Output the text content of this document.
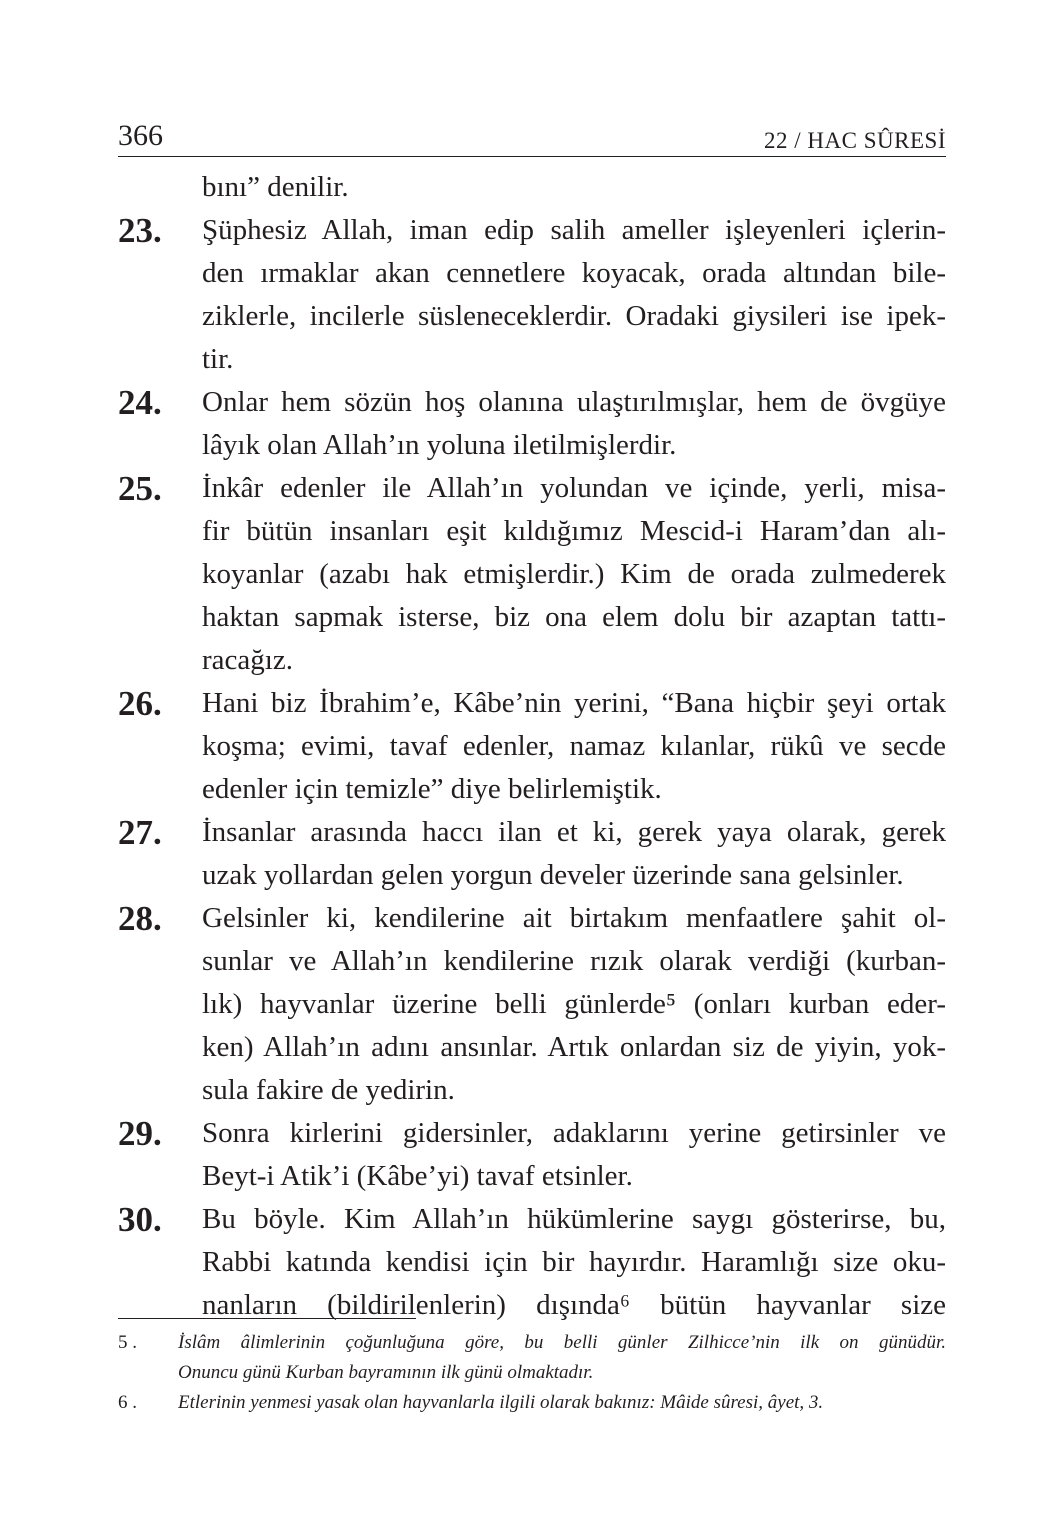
366	22 / HAC SÛRESİ
bını” denilir.
23.	Şüphesiz Allah, iman edip salih ameller işleyenleri içlerin-
den ırmaklar akan cennetlere koyacak, orada altından bile-
ziklerle, incilerle süsleneceklerdir. Oradaki giysileri ise ipek-
tir.
24.	Onlar hem sözün hoş olanına ulaştırılmışlar, hem de övgüye
lâyık olan Allah’ın yoluna iletilmişlerdir.
25.	İnkâr edenler ile Allah’ın yolundan ve içinde, yerli, misa-
fir bütün insanları eşit kıldığımız Mescid-i Haram’dan alı-
koyanlar (azabı hak etmişlerdir.) Kim de orada zulmederek
haktan sapmak isterse, biz ona elem dolu bir azaptan tattı-
racağız.
26.	Hani biz İbrahim’e, Kâbe’nin yerini, “Bana hiçbir şeyi ortak
koşma; evimi, tavaf edenler, namaz kılanlar, rükû ve secde
edenler için temizle” diye belirlemiştik.
27.	İnsanlar arasında haccı ilan et ki, gerek yaya olarak, gerek
uzak yollardan gelen yorgun develer üzerinde sana gelsinler.
28.	Gelsinler ki, kendilerine ait birtakım menfaatlere şahit ol-
sunlar ve Allah’ın kendilerine rızık olarak verdiği (kurban-
lık) hayvanlar üzerine belli günlerde⁵ (onları kurban eder-
ken) Allah’ın adını ansınlar. Artık onlardan siz de yiyin, yok-
sula fakire de yedirin.
29.	Sonra kirlerini gidersinler, adaklarını yerine getirsinler ve
Beyt-i Atik’i (Kâbe’yi) tavaf etsinler.
30.	Bu böyle. Kim Allah’ın hükümlerine saygı gösterirse, bu,
Rabbi katında kendisi için bir hayırdır. Haramlığı size oku-
nanların (bildirilenlerin) dışında⁶ bütün hayvanlar size
5 .	İslâm âlimlerinin çoğunluğuna göre, bu belli günler Zilhicce’nin ilk on günüdür.
Onuncu günü Kurban bayramının ilk günü olmaktadır.
6 .	Etlerinin yenmesi yasak olan hayvanlarla ilgili olarak bakınız: Mâide sûresi, âyet, 3.
